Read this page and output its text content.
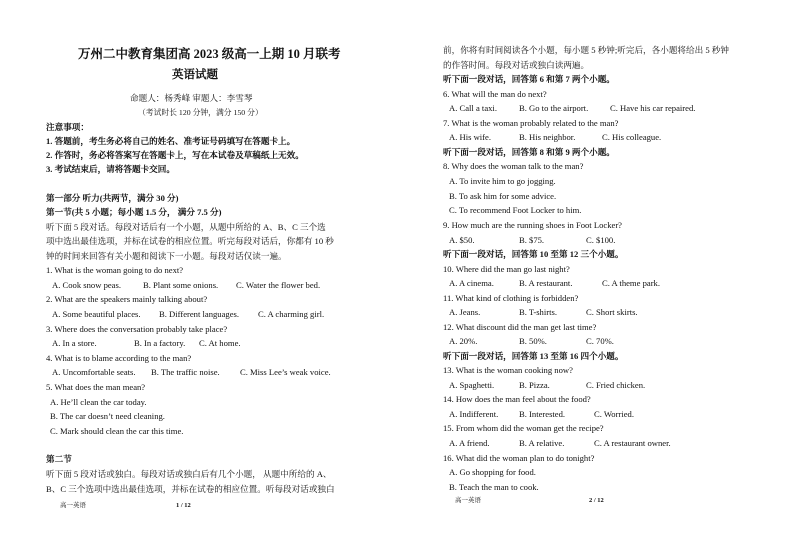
万州二中教育集团高 2023 级高一上期 10 月联考
英语试题
命题人：杨秀峰 审题人：李雪琴
（考试时长 120 分钟，满分 150 分）
注意事项：
1. 答题前，考生务必将自己的姓名、准考证号码填写在答题卡上。
2. 作答时，务必将答案写在答题卡上，写在本试卷及草稿纸上无效。
3. 考试结束后，请将答题卡交回。
第一部分 听力(共两节，满分 30 分)
第一节(共 5 小题；每小题 1.5 分， 满分 7.5 分)
听下面 5 段对话。每段对话后有一个小题，从题中所给的 A、B、C 三个选
项中选出最佳选项，并标在试卷的相应位置。听完每段对话后，你都有 10 秒
钟的时间来回答有关小题和阅读下一小题。每段对话仅读一遍。
1. What is the woman going to do next?
A. Cook snow peas.	B. Plant some onions. C. Water the flower bed.
2. What are the speakers mainly talking about?
A. Some beautiful places. B. Different languages. C. A charming girl.
3. Where does the conversation probably take place?
A. In a store.	B. In a factory. C. At home.
4. What is to blame according to the man?
A. Uncomfortable seats. B. The traffic noise. C. Miss Lee’s weak voice.
5. What does the man mean?
A. He’ll clean the car today.
B. The car doesn’t need cleaning.
C. Mark should clean the car this time.
第二节
听下面 5 段对话或独白。每段对话或独白后有几个小题， 从题中所给的 A、
B、C 三个选项中选出最佳选项，并标在试卷的相应位置。听每段对话或独白
高一英语	1 / 12
前，你将有时间阅读各个小题，每小题 5 秒钟;听完后，各小题将给出 5 秒钟
的作答时间。每段对话或独白读两遍。
听下面一段对话，回答第 6 和第 7 两个小题。
6. What will the man do next?
A. Call a taxi.	B. Go to the airport.	C. Have his car repaired.
7. What is the woman probably related to the man?
A. His wife.	B. His neighbor.	C. His colleague.
听下面一段对话，回答第 8 和第 9 两个小题。
8. Why does the woman talk to the man?
A. To invite him to go jogging.
B. To ask him for some advice.
C. To recommend Foot Locker to him.
9. How much are the running shoes in Foot Locker?
A. $50.	B. $75.	C. $100.
听下面一段对话，回答第 10 至第 12 三个小题。
10. Where did the man go last night?
A. A cinema.	B. A restaurant.	C. A theme park.
11. What kind of clothing is forbidden?
A. Jeans.	B. T-shirts.	C. Short skirts.
12. What discount did the man get last time?
A. 20%.	B. 50%.	C. 70%.
听下面一段对话，回答第 13 至第 16 四个小题。
13. What is the woman cooking now?
A. Spaghetti.	B. Pizza.	C. Fried chicken.
14. How does the man feel about the food?
A. Indifferent. B. Interested.	C. Worried.
15. From whom did the woman get the recipe?
A. A friend.	B. A relative.	C. A restaurant owner.
16. What did the woman plan to do tonight?
A. Go shopping for food.
B. Teach the man to cook.
高一英语	2 / 12
